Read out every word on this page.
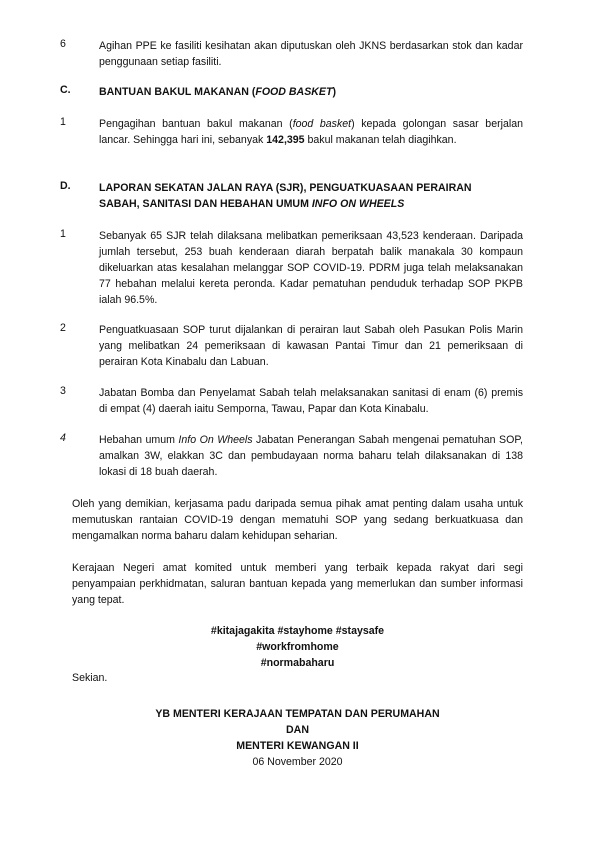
6	Agihan PPE ke fasiliti kesihatan akan diputuskan oleh JKNS berdasarkan stok dan kadar penggunaan setiap fasiliti.
C.	BANTUAN BAKUL MAKANAN (FOOD BASKET)
1	Pengagihan bantuan bakul makanan (food basket) kepada golongan sasar berjalan lancar. Sehingga hari ini, sebanyak 142,395 bakul makanan telah diagihkan.
D.	LAPORAN SEKATAN JALAN RAYA (SJR), PENGUATKUASAAN PERAIRAN
SABAH, SANITASI DAN HEBAHAN UMUM INFO ON WHEELS
1	Sebanyak 65 SJR telah dilaksana melibatkan pemeriksaan 43,523 kenderaan. Daripada jumlah tersebut, 253 buah kenderaan diarah berpatah balik manakala 30 kompaun dikeluarkan atas kesalahan melanggar SOP COVID-19. PDRM juga telah melaksanakan 77 hebahan melalui kereta peronda. Kadar pematuhan penduduk terhadap SOP PKPB ialah 96.5%.
2	Penguatkuasaan SOP turut dijalankan di perairan laut Sabah oleh Pasukan Polis Marin yang melibatkan 24 pemeriksaan di kawasan Pantai Timur dan 21 pemeriksaan di perairan Kota Kinabalu dan Labuan.
3	Jabatan Bomba dan Penyelamat Sabah telah melaksanakan sanitasi di enam (6) premis di empat (4) daerah iaitu Semporna, Tawau, Papar dan Kota Kinabalu.
4	Hebahan umum Info On Wheels Jabatan Penerangan Sabah mengenai pematuhan SOP, amalkan 3W, elakkan 3C dan pembudayaan norma baharu telah dilaksanakan di 138 lokasi di 18 buah daerah.
Oleh yang demikian, kerjasama padu daripada semua pihak amat penting dalam usaha untuk memutuskan rantaian COVID-19 dengan mematuhi SOP yang sedang berkuatkuasa dan mengamalkan norma baharu dalam kehidupan seharian.
Kerajaan Negeri amat komited untuk memberi yang terbaik kepada rakyat dari segi penyampaian perkhidmatan, saluran bantuan kepada yang memerlukan dan sumber informasi yang tepat.
#kitajagakita #stayhome #staysafe
#workfromhome
#normabaharu
Sekian.
YB MENTERI KERAJAAN TEMPATAN DAN PERUMAHAN
DAN
MENTERI KEWANGAN II
06 November 2020
